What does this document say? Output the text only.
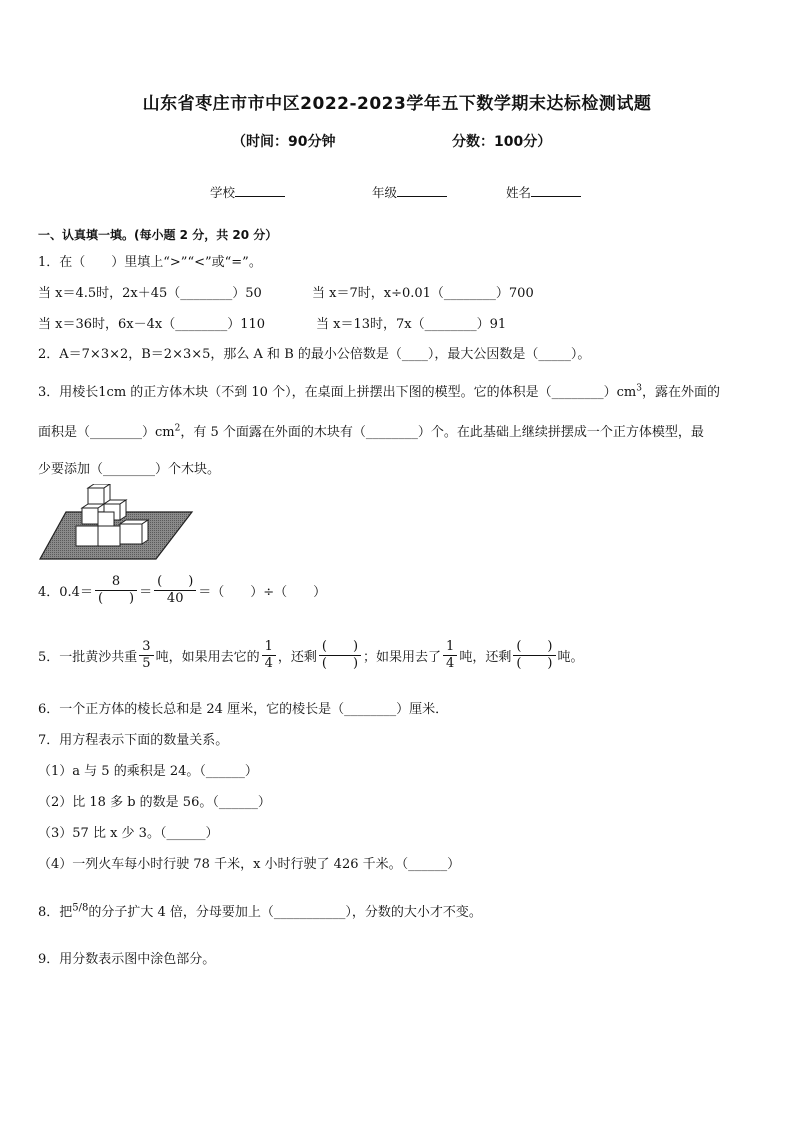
山东省枣庄市市中区2022-2023学年五下数学期末达标检测试题
（时间：90分钟	分数：100分）
学校	年级	姓名
一、认真填一填。(每小题 2 分，共 20 分）
1．在（　　）里填上“>”“<”或“=”。
当 x＝4.5时，2x＋45（________）50	当 x＝7时，x÷0.01（________）700
当 x＝36时，6x－4x（________）110	当 x＝13时，7x（________）91
2．A＝7×3×2，B＝2×3×5，那么 A 和 B 的最小公倍数是（____），最大公因数是（_____）。
3．用棱长1cm 的正方体木块（不到 10 个），在桌面上拼摆出下图的模型。它的体积是$(\_\_\_\_\_\_\_\_)cm^3$，露在外面的
面积是$(\_\_\_\_\_\_\_\_)cm^2$，有 5 个面露在外面的木块有（________）个。在此基础上继续拼摆成一个正方体模型，最
少要添加（________）个木块。
4．$0.4= \frac{8}{( )} = \frac{( )}{40}$ ＝（　　）÷（　　）
5．一批黄沙共重 $\frac{3}{5}$ 吨，如果用去它的 $\frac{1}{4}$ ，还剩 $\frac{( )}{( )}$ ；如果用去了 $\frac{1}{4}$ 吨，还剩 $\frac{( )}{( )}$ 吨。
6．一个正方体的棱长总和是 24 厘米，它的棱长是（________）厘米．
7．用方程表示下面的数量关系。
（1）a 与 5 的乘积是 24。（______）
（2）比 18 多 b 的数是 56。（______）
（3）57 比 x 少 3。（______）
（4）一列火车每小时行驶 78 千米，x 小时行驶了 426 千米。（______）
8．把$^{5/8}$的分子扩大 4 倍，分母要加上（___________），分数的大小才不变。
9．用分数表示图中涂色部分。
